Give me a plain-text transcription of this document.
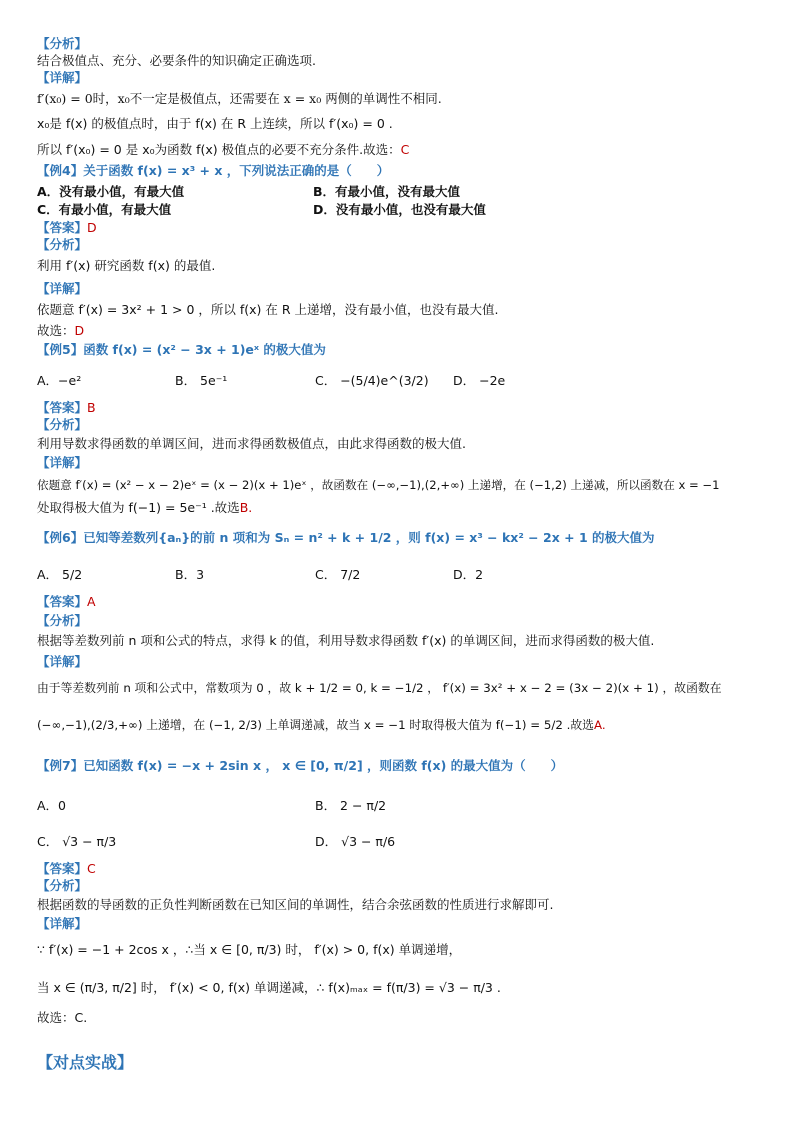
【分析】
结合极值点、充分、必要条件的知识确定正确选项.
【详解】
f′(x₀) = 0时，x₀不一定是极值点，还需要在 x = x₀ 两侧的单调性不相同.
x₀是 f(x) 的极值点时，由于 f(x) 在 R 上连续，所以 f′(x₀) = 0 .
所以 f′(x₀) = 0 是 x₀为函数 f(x) 极值点的必要不充分条件.故选：C
【例4】关于函数 f(x) = x³ + x ，下列说法正确的是（　　）
A．没有最小值，有最大值	B．有最小值，没有最大值
C．有最小值，有最大值	D．没有最小值，也没有最大值
【答案】D
【分析】
利用 f′(x) 研究函数 f(x) 的最值.
【详解】
依题意 f′(x) = 3x² + 1 > 0 ，所以 f(x) 在 R 上递增，没有最小值，也没有最大值.
故选：D
【例5】函数 f(x) = (x² − 3x + 1)eˣ 的极大值为
A．−e²	B． 5e⁻¹	C． −(5/4)e^(3/2) D． −2e
【答案】B
【分析】
利用导数求得函数的单调区间，进而求得函数极值点，由此求得函数的极大值.
【详解】
依题意 f′(x) = (x² − x − 2)eˣ = (x − 2)(x + 1)eˣ ，故函数在 (−∞,−1),(2,+∞) 上递增，在 (−1,2) 上递减，所以函数在 x = −1
处取得极大值为 f(−1) = 5e⁻¹ .故选B.
【例6】已知等差数列{aₙ}的前 n 项和为 Sₙ = n² + k + 1/2 ，则 f(x) = x³ − kx² − 2x + 1 的极大值为
A． 5/2	B．3	C． 7/2	D．2
【答案】A
【分析】
根据等差数列前 n 项和公式的特点，求得 k 的值，利用导数求得函数 f′(x) 的单调区间，进而求得函数的极大值.
【详解】
由于等差数列前 n 项和公式中，常数项为 0 ，故 k + 1/2 = 0, k = −1/2 ， f′(x) = 3x² + x − 2 = (3x − 2)(x + 1) ，故函数在
(−∞,−1),(2/3,+∞) 上递增，在 (−1, 2/3) 上单调递减，故当 x = −1 时取得极大值为 f(−1) = 5/2 .故选A.
【例7】已知函数 f(x) = −x + 2sin x ， x ∈ [0, π/2] ，则函数 f(x) 的最大值为（　　）
A．0	B． 2 − π/2
C． √3 − π/3	D． √3 − π/6
【答案】C
【分析】
根据函数的导函数的正负性判断函数在已知区间的单调性，结合余弦函数的性质进行求解即可.
【详解】
∵ f′(x) = −1 + 2cos x ，∴当 x ∈ [0, π/3) 时， f′(x) > 0, f(x) 单调递增，
当 x ∈ (π/3, π/2] 时， f′(x) < 0, f(x) 单调递减，∴ f(x)ₘₐₓ = f(π/3) = √3 − π/3 .
故选：C.
【对点实战】
